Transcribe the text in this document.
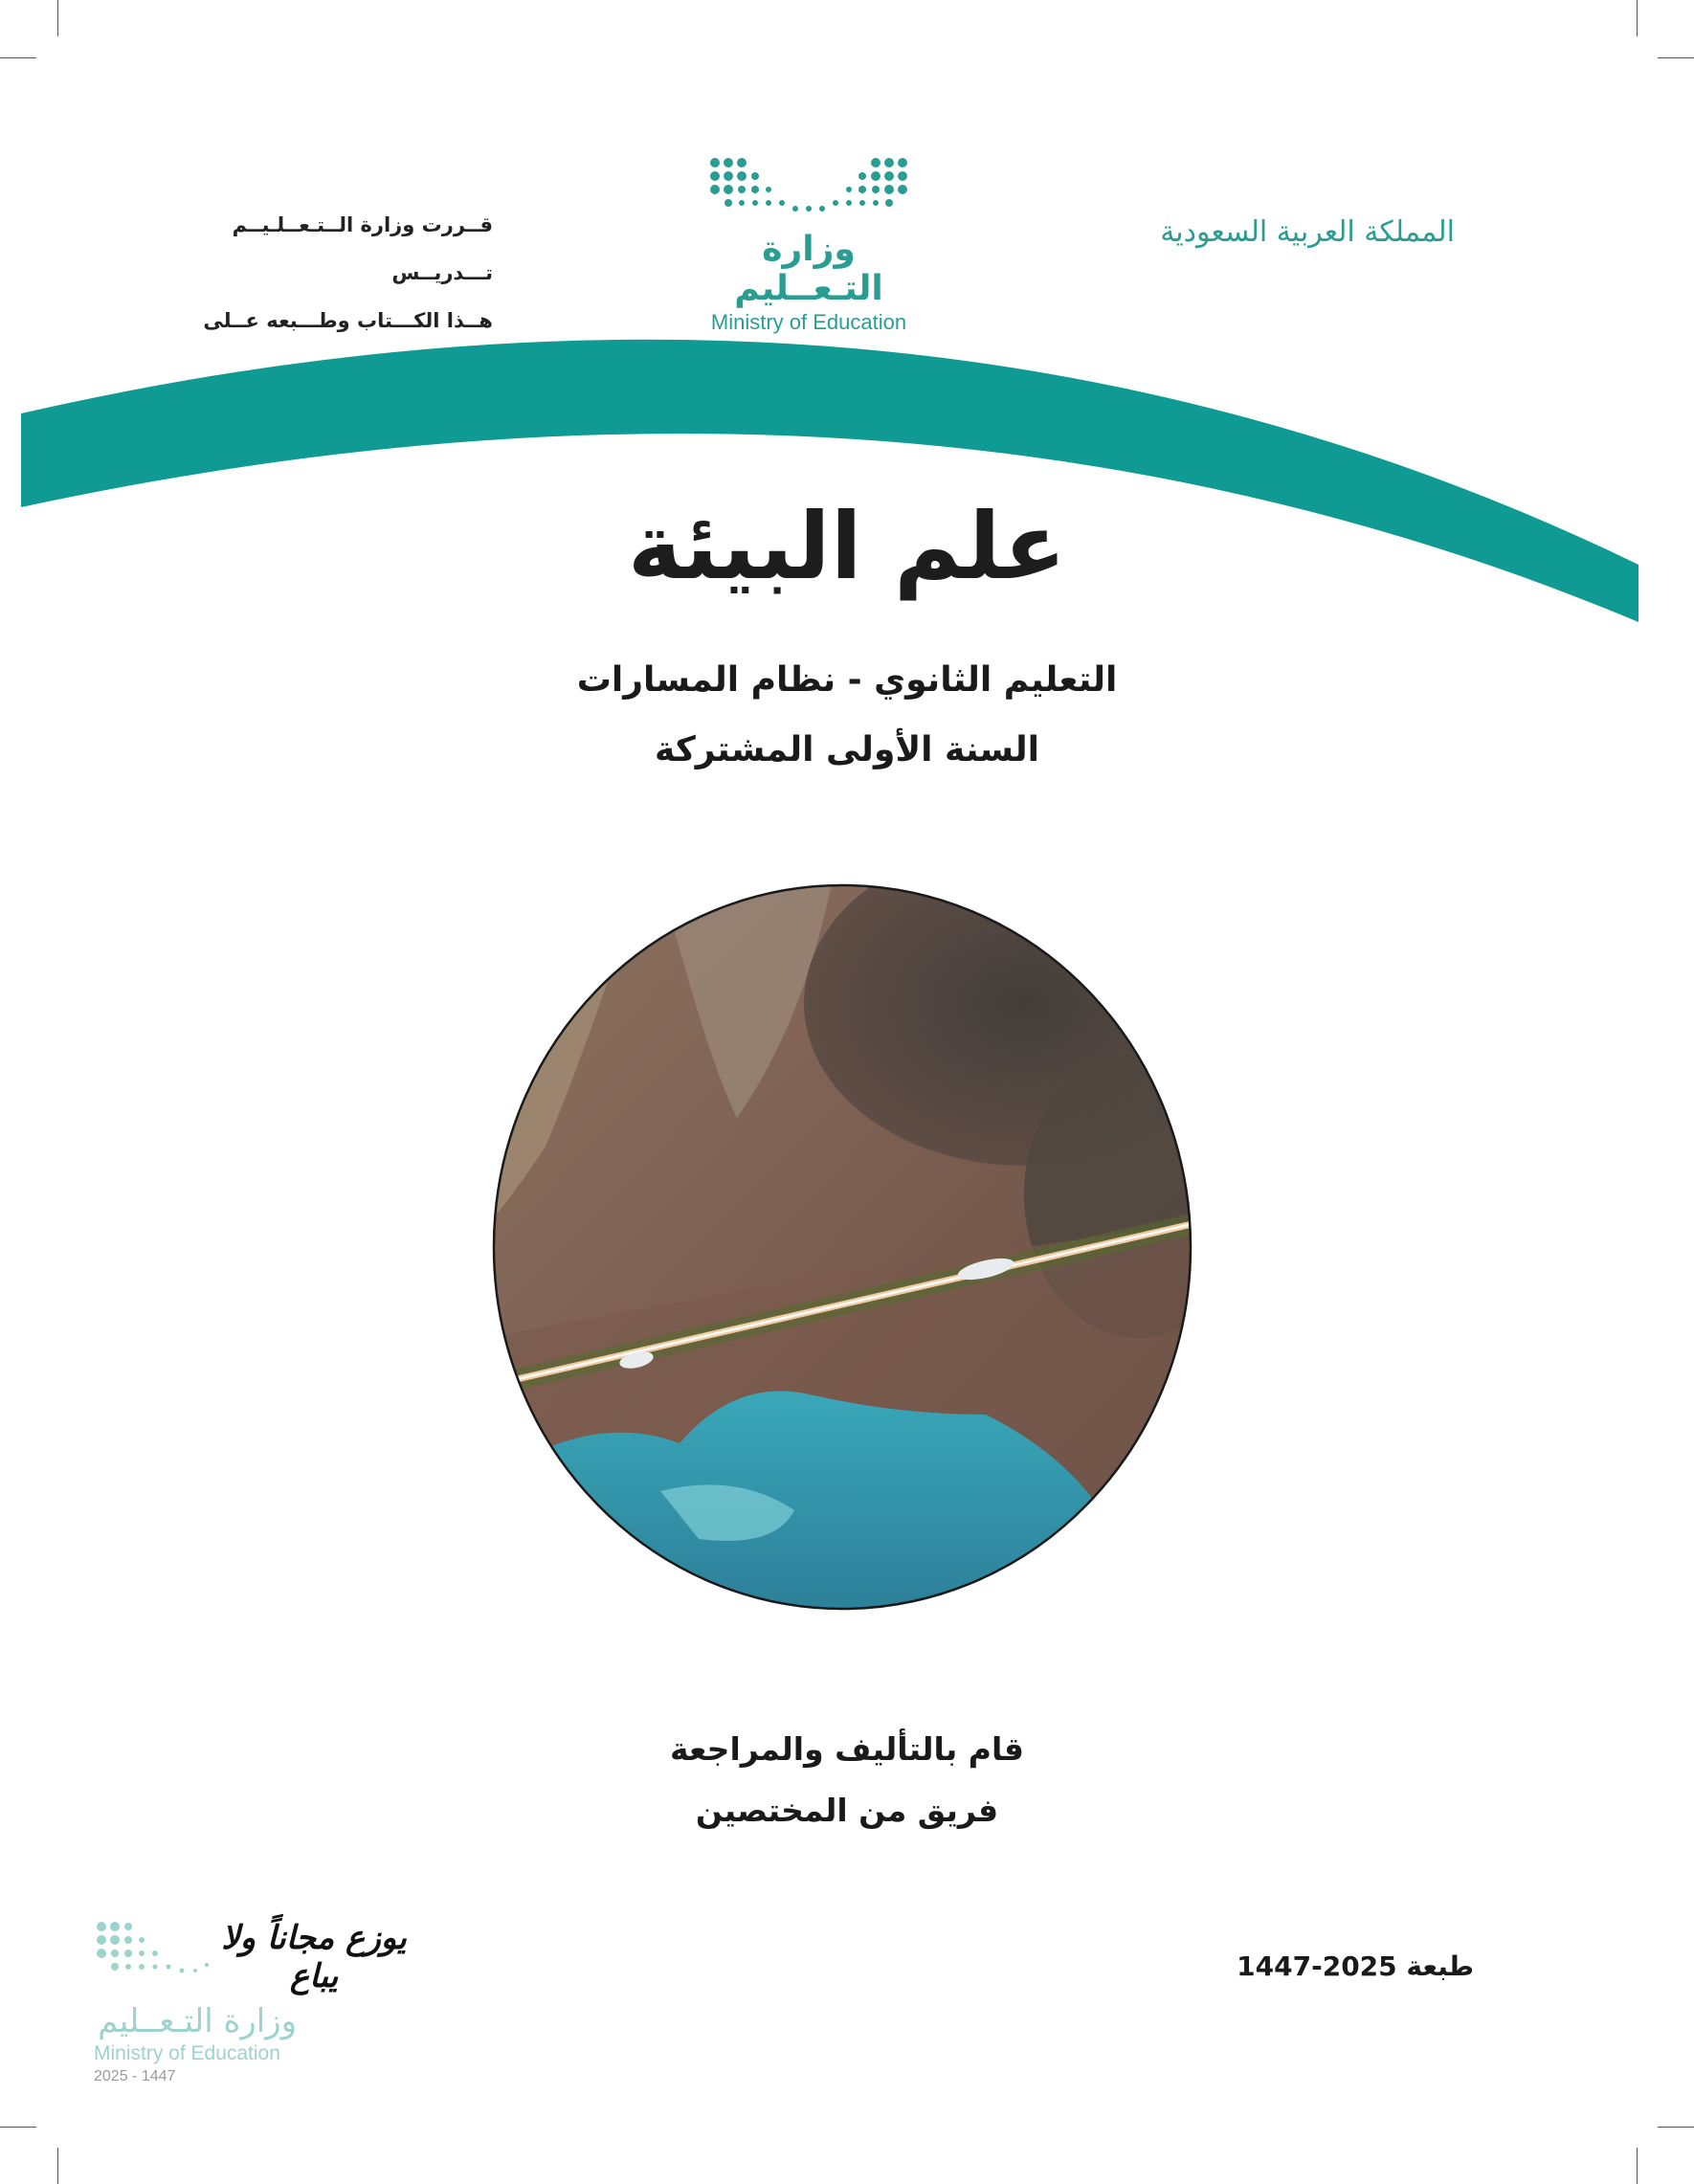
المملكة العربية السعودية
قــررت وزارة الــتـعــلـيــم تـــدريــس
هــذا الكـــتاب وطـــبعه عــلى
وزارة التـعــليم
Ministry of Education
علم البيئة
التعليم الثانوي - نظام المسارات
السنة الأولى المشتركة
قام بالتأليف والمراجعة
فريق من المختصين
طبعة 2025-1447
يوزع مجاناً ولا يباع
وزارة التـعــليم
Ministry of Education
2025 - 1447
